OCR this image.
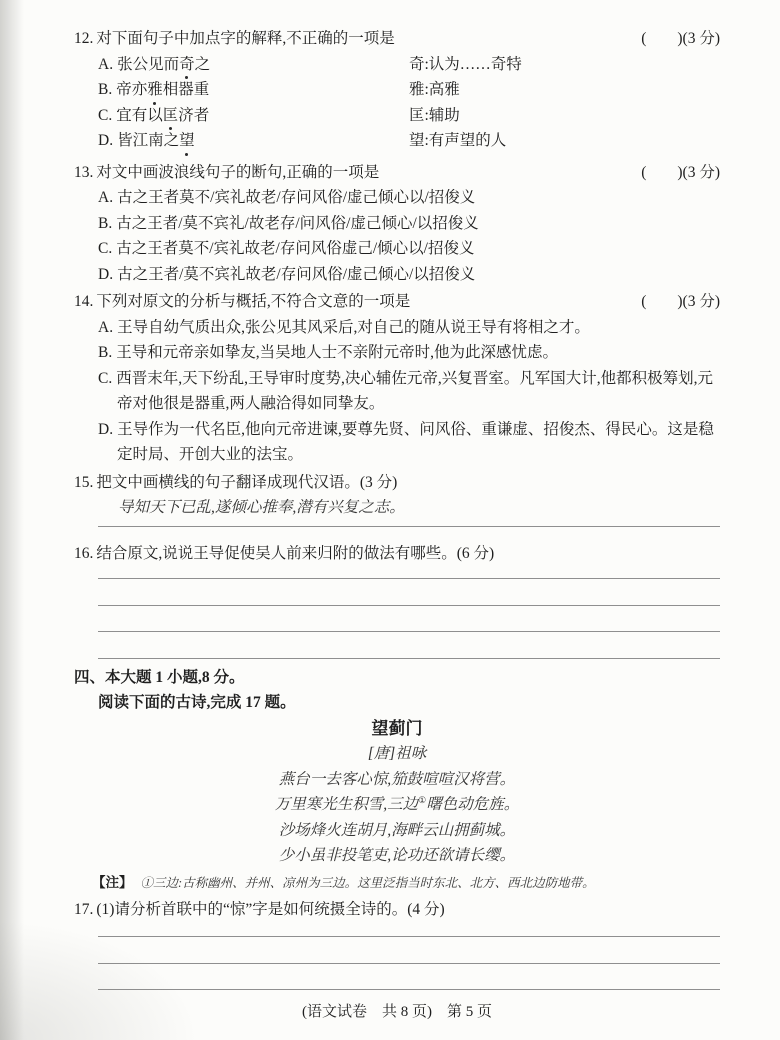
12. 对下面句子中加点字的解释,不正确的一项是	(　　)(3 分)
A. 张公见而奇之	奇:认为……奇特
B. 帝亦雅相器重	雅:高雅
C. 宜有以匡济者	匡:辅助
D. 皆江南之望	望:有声望的人
13. 对文中画波浪线句子的断句,正确的一项是	(　　)(3 分)
A. 古之王者莫不/宾礼故老/存问风俗/虚己倾心以/招俊义
B. 古之王者/莫不宾礼/故老存/问风俗/虚己倾心/以招俊义
C. 古之王者莫不/宾礼故老/存问风俗虚己/倾心以/招俊义
D. 古之王者/莫不宾礼故老/存问风俗/虚己倾心/以招俊义
14. 下列对原文的分析与概括,不符合文意的一项是	(　　)(3 分)
A. 王导自幼气质出众,张公见其风采后,对自己的随从说王导有将相之才。
B. 王导和元帝亲如挚友,当吴地人士不亲附元帝时,他为此深感忧虑。
C. 西晋末年,天下纷乱,王导审时度势,决心辅佐元帝,兴复晋室。凡军国大计,他都积极筹划,元帝对他很是器重,两人融洽得如同挚友。
D. 王导作为一代名臣,他向元帝进谏,要尊先贤、问风俗、重谦虚、招俊杰、得民心。这是稳定时局、开创大业的法宝。
15. 把文中画横线的句子翻译成现代汉语。(3 分)
导知天下已乱,遂倾心推奉,潜有兴复之志。
16. 结合原文,说说王导促使吴人前来归附的做法有哪些。(6 分)
四、本大题 1 小题,8 分。
阅读下面的古诗,完成 17 题。
望蓟门
[唐]祖咏
燕台一去客心惊,笳鼓喧喧汉将营。
万里寒光生积雪,三边①曙色动危旌。
沙场烽火连胡月,海畔云山拥蓟城。
少小虽非投笔吏,论功还欲请长缨。
【注】 ①三边:古称幽州、并州、凉州为三边。这里泛指当时东北、北方、西北边防地带。
17. (1)请分析首联中的“惊”字是如何统摄全诗的。(4 分)
(语文试卷　共 8 页)　第 5 页
